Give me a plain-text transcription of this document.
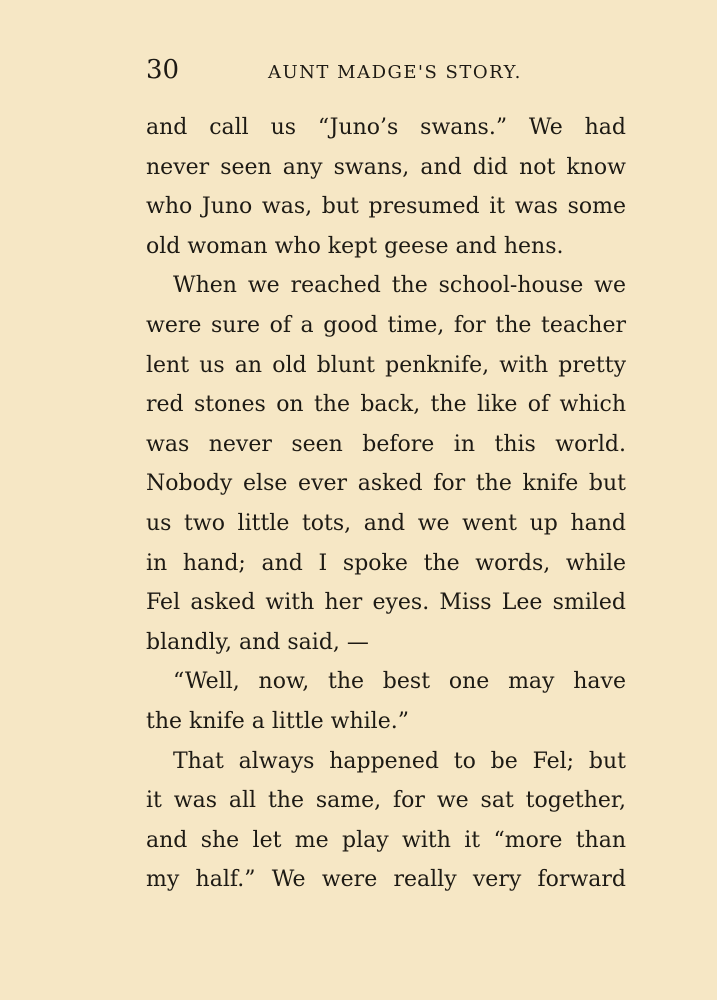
30	AUNT MADGE'S STORY.
and call us “Juno’s swans.” We had
never seen any swans, and did not know
who Juno was, but presumed it was some
old woman who kept geese and hens.
When we reached the school-house we
were sure of a good time, for the teacher
lent us an old blunt penknife, with pretty
red stones on the back, the like of which
was never seen before in this world.
Nobody else ever asked for the knife but
us two little tots, and we went up hand
in hand; and I spoke the words, while
Fel asked with her eyes. Miss Lee smiled
blandly, and said, —
“Well, now, the best one may have
the knife a little while.”
That always happened to be Fel; but
it was all the same, for we sat together,
and she let me play with it “more than
my half.” We were really very forward
